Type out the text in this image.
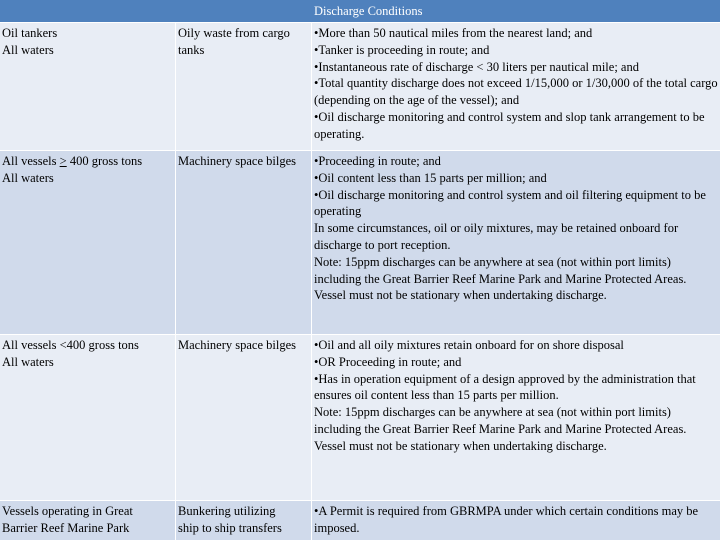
Discharge Conditions
Oil tankers
All waters
Oily waste from cargo
tanks
•More than 50 nautical miles from the nearest land; and
•Tanker is proceeding in route; and
•Instantaneous rate of discharge < 30 liters per nautical mile; and
•Total quantity discharge does not exceed 1/15,000 or 1/30,000 of the total cargo (depending on the age of the vessel); and
•Oil discharge monitoring and control system and slop tank arrangement to be operating.
All vessels ≥ 400 gross tons
All waters
Machinery space bilges	•Proceeding in route; and
•Oil content less than 15 parts per million; and
•Oil discharge monitoring and control system and oil filtering equipment to be operating
In some circumstances, oil or oily mixtures, may be retained onboard for discharge to port reception.
Note: 15ppm discharges can be anywhere at sea (not within port limits) including the Great Barrier Reef Marine Park and Marine Protected Areas. Vessel must not be stationary when undertaking discharge.
All vessels <400 gross tons
All waters
Machinery space bilges	•Oil and all oily mixtures retain onboard for on shore disposal
•OR Proceeding in route; and
•Has in operation equipment of a design approved by the administration that ensures oil content less than 15 parts per million.
Note: 15ppm discharges can be anywhere at sea (not within port limits) including the Great Barrier Reef Marine Park and Marine Protected Areas. Vessel must not be stationary when undertaking discharge.
Vessels operating in Great
Barrier Reef Marine Park
Bunkering utilizing
ship to ship transfers
•A Permit is required from GBRMPA under which certain conditions may be imposed.
